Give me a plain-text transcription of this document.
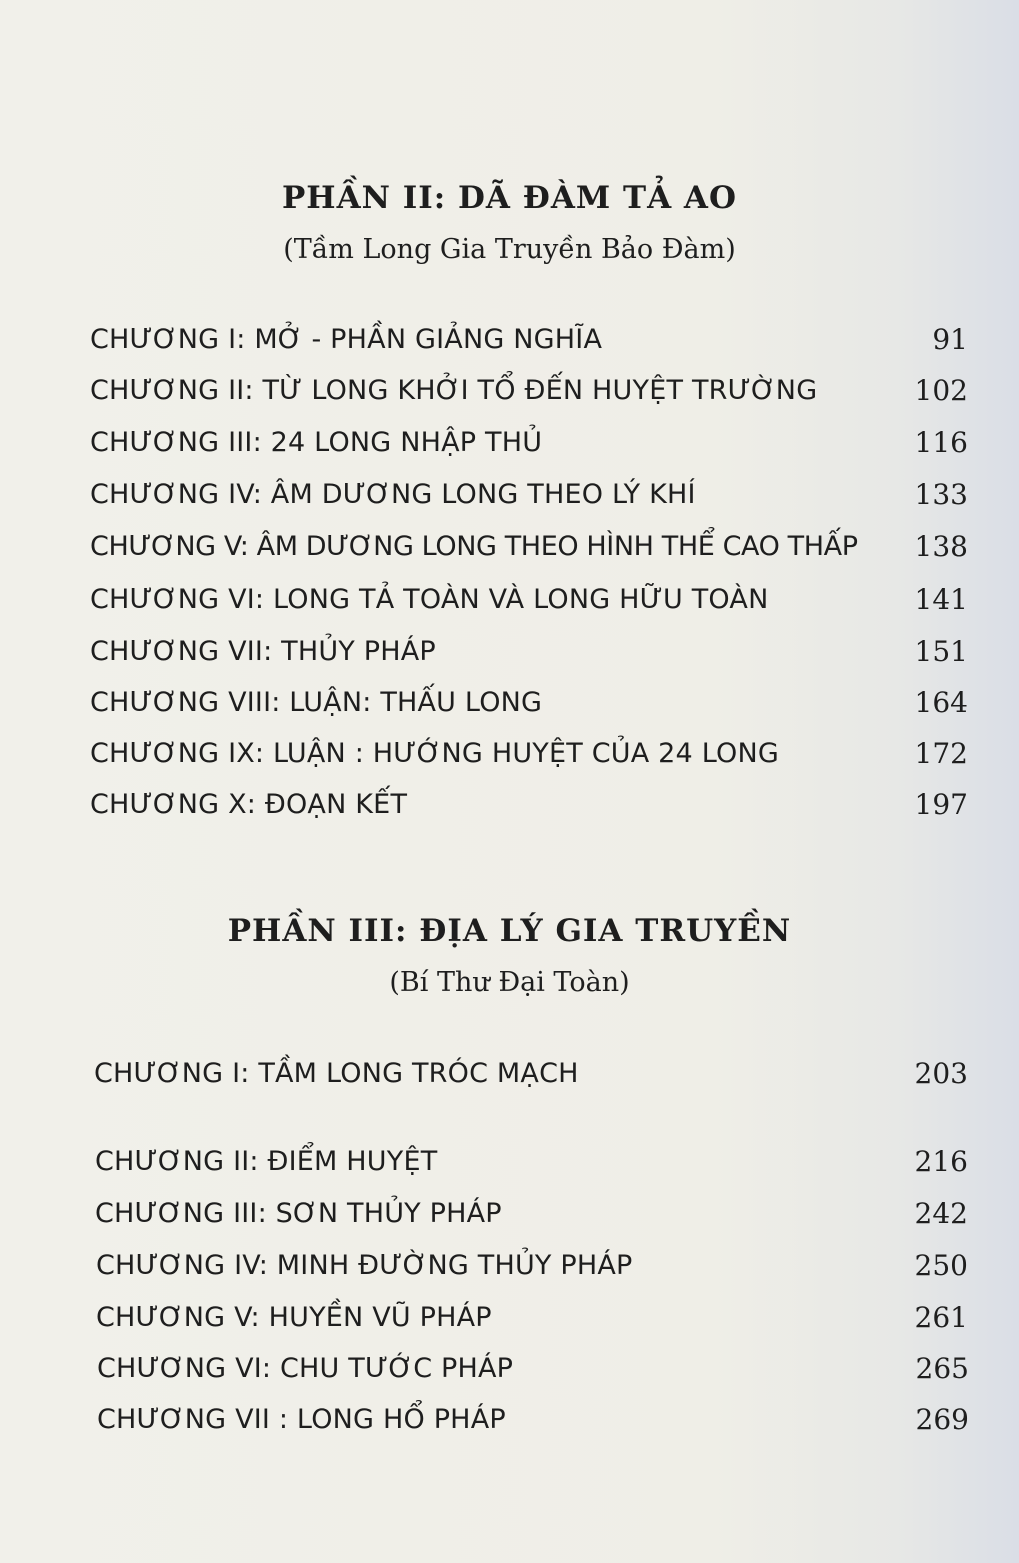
PHẦN II: DÃ ĐÀM TẢ AO
(Tầm Long Gia Truyền Bảo Đàm)
CHƯƠNG I: MỞ - PHẦN GIẢNG NGHĨA	91
CHƯƠNG II: TỪ LONG KHỞI TỔ ĐẾN HUYỆT TRƯỜNG	102
CHƯƠNG III: 24 LONG NHẬP THỦ	116
CHƯƠNG IV: ÂM DƯƠNG LONG THEO LÝ KHÍ	133
CHƯƠNG V: ÂM DƯƠNG LONG THEO HÌNH THỂ CAO THẤP 138
CHƯƠNG VI: LONG TẢ TOÀN VÀ LONG HỮU TOÀN	141
CHƯƠNG VII: THỦY PHÁP	151
CHƯƠNG VIII: LUẬN: THẤU LONG	164
CHƯƠNG IX: LUẬN : HƯỚNG HUYỆT CỦA 24 LONG	172
CHƯƠNG X: ĐOẠN KẾT	197
PHẦN III: ĐỊA LÝ GIA TRUYỀN
(Bí Thư Đại Toàn)
CHƯƠNG I: TẦM LONG TRÓC MẠCH	203
CHƯƠNG II: ĐIỂM HUYỆT	216
CHƯƠNG III: SƠN THỦY PHÁP	242
CHƯƠNG IV: MINH ĐƯỜNG THỦY PHÁP	250
CHƯƠNG V: HUYỀN VŨ PHÁP	261
CHƯƠNG VI: CHU TƯỚC PHÁP	265
CHƯƠNG VII : LONG HỔ PHÁP	269
